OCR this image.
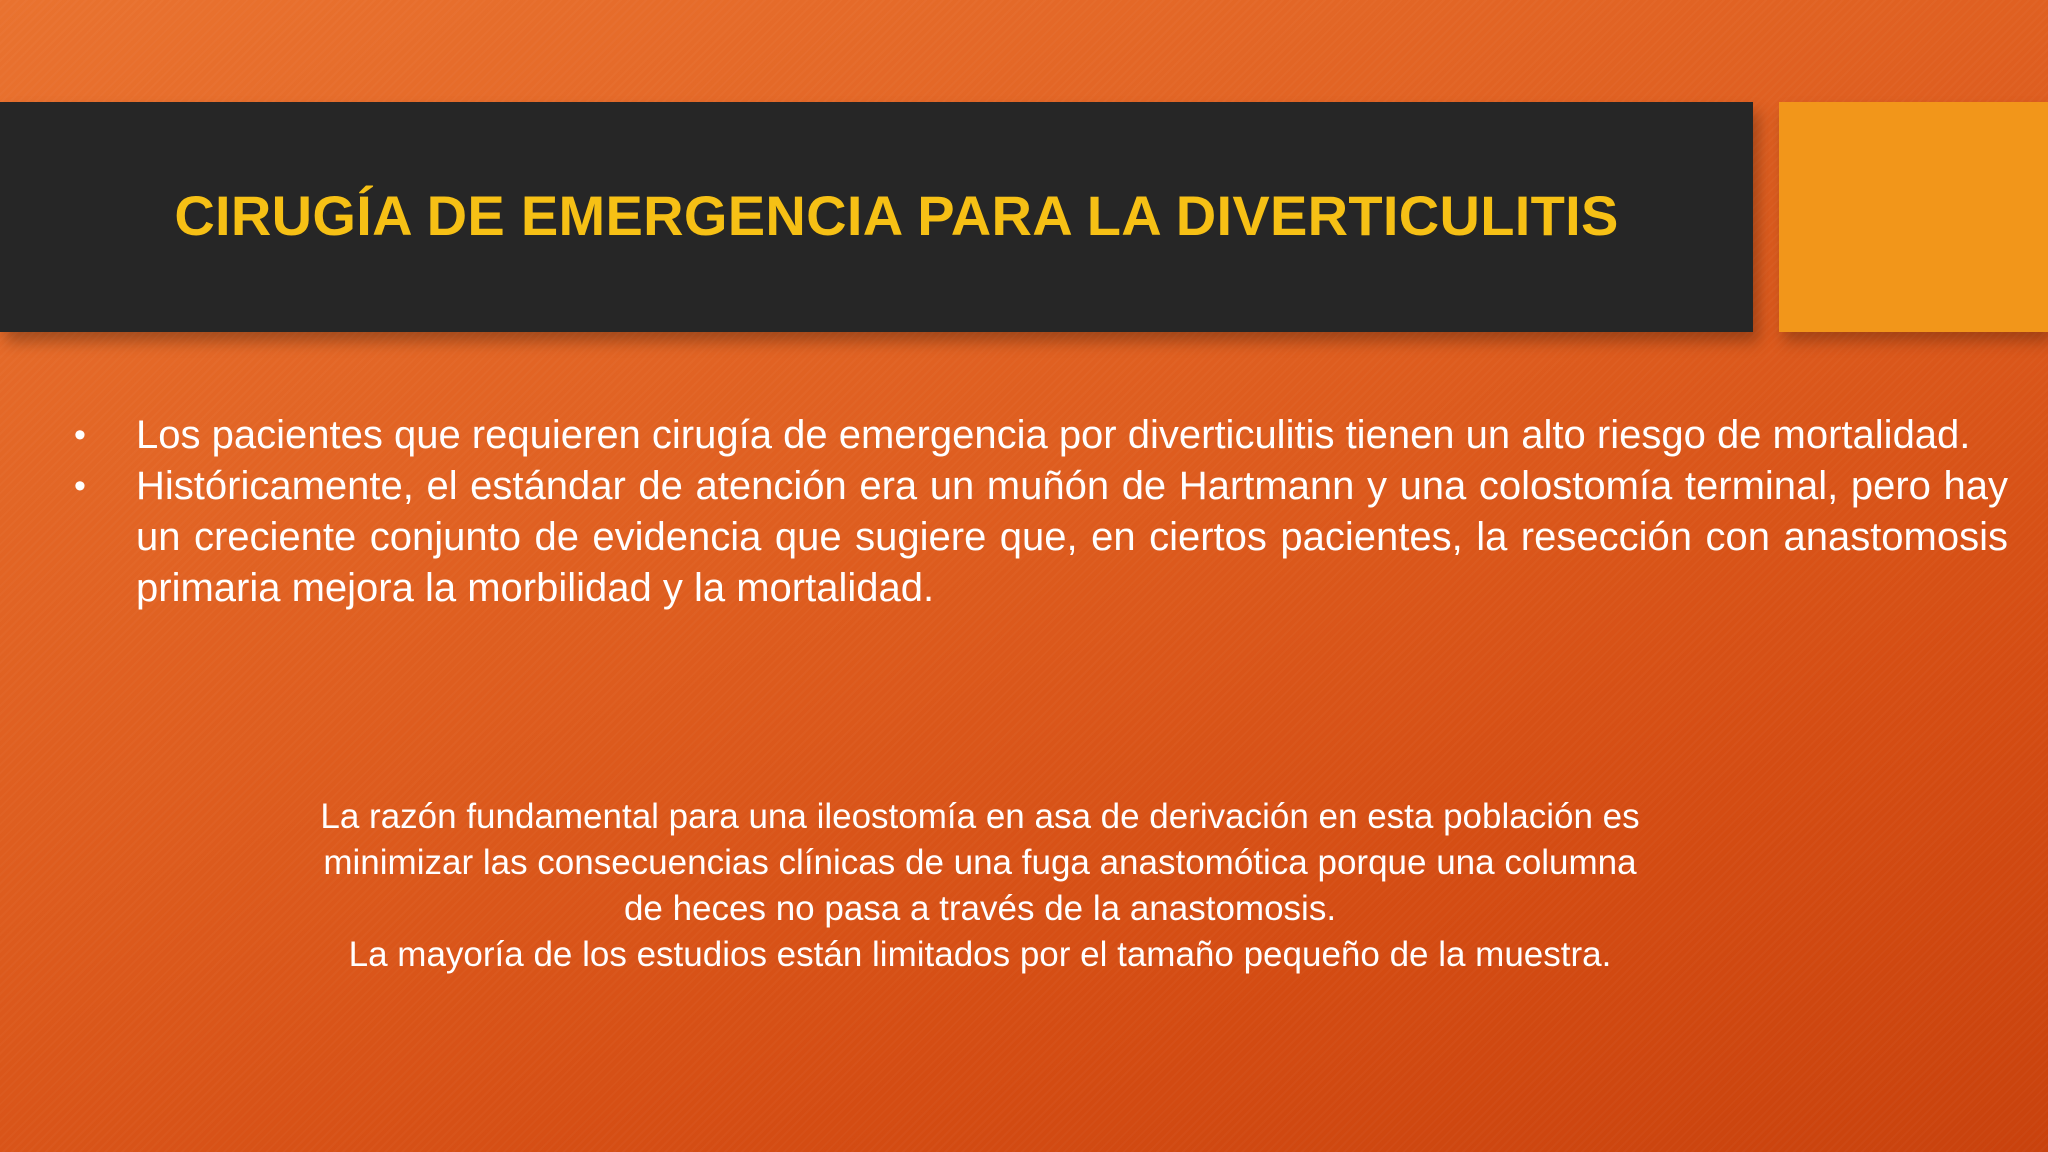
CIRUGÍA DE EMERGENCIA PARA LA DIVERTICULITIS
• Los pacientes que requieren cirugía de emergencia por diverticulitis tienen un alto riesgo de mortalidad.
• Históricamente, el estándar de atención era un muñón de Hartmann y una colostomía terminal, pero hay un creciente conjunto de evidencia que sugiere que, en ciertos pacientes, la resección con anastomosis primaria mejora la morbilidad y la mortalidad.

La razón fundamental para una ileostomía en asa de derivación en esta población es minimizar las consecuencias clínicas de una fuga anastomótica porque una columna de heces no pasa a través de la anastomosis.

La mayoría de los estudios están limitados por el tamaño pequeño de la muestra.
